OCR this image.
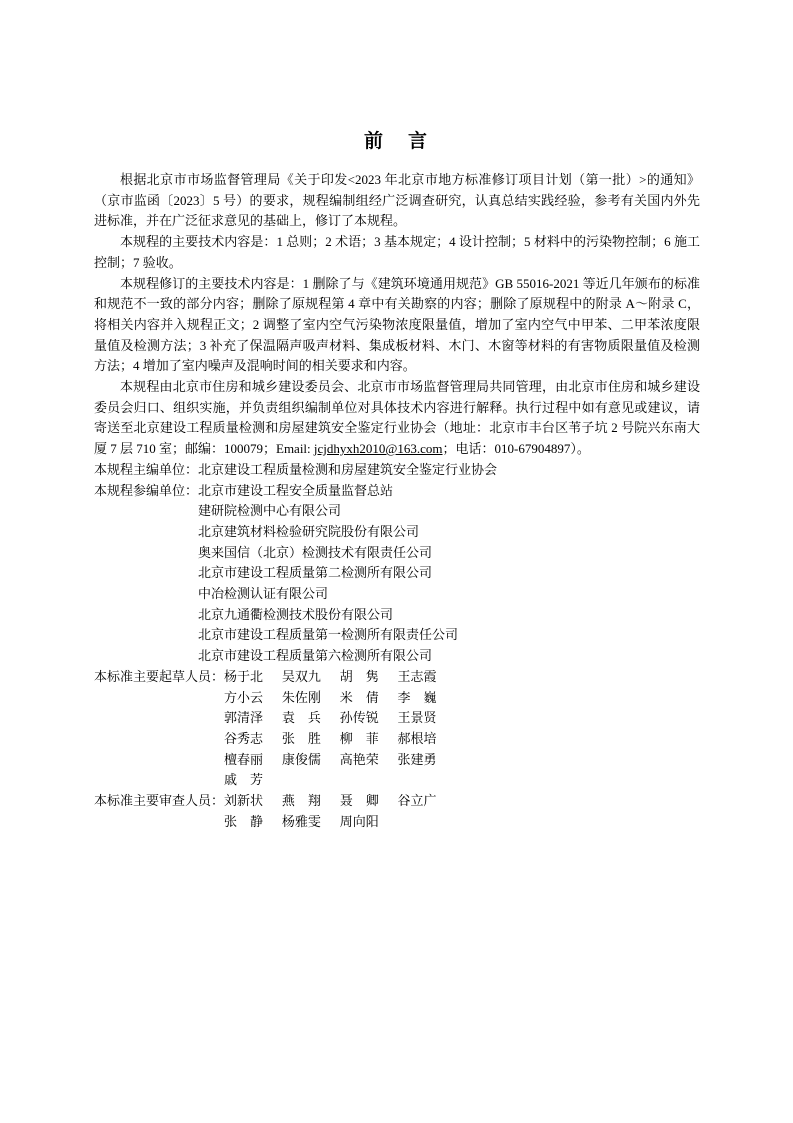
前　言

根据北京市市场监督管理局《关于印发<2023 年北京市地方标准修订项目计划（第一批）>的通知》（京市监函〔2023〕5 号）的要求，规程编制组经广泛调查研究，认真总结实践经验，参考有关国内外先进标准，并在广泛征求意见的基础上，修订了本规程。

本规程的主要技术内容是：1 总则；2 术语；3 基本规定；4 设计控制；5 材料中的污染物控制；6 施工控制；7 验收。

本规程修订的主要技术内容是：1 删除了与《建筑环境通用规范》GB 55016-2021 等近几年颁布的标准和规范不一致的部分内容；删除了原规程第 4 章中有关勘察的内容；删除了原规程中的附录 A～附录 C，将相关内容并入规程正文；2 调整了室内空气污染物浓度限量值，增加了室内空气中甲苯、二甲苯浓度限量值及检测方法；3 补充了保温隔声吸声材料、集成板材料、木门、木窗等材料的有害物质限量值及检测方法；4 增加了室内噪声及混响时间的相关要求和内容。

本规程由北京市住房和城乡建设委员会、北京市市场监督管理局共同管理，由北京市住房和城乡建设委员会归口、组织实施，并负责组织编制单位对具体技术内容进行解释。执行过程中如有意见或建议，请寄送至北京建设工程质量检测和房屋建筑安全鉴定行业协会（地址：北京市丰台区苇子坑 2 号院兴东南大厦 7 层 710 室；邮编：100079；Email: jcjdhyxh2010@163.com；电话：010-67904897）。

本规程主编单位：北京建设工程质量检测和房屋建筑安全鉴定行业协会
本规程参编单位：北京市建设工程安全质量监督总站
建研院检测中心有限公司
北京建筑材料检验研究院股份有限公司
奥来国信（北京）检测技术有限责任公司
北京市建设工程质量第二检测所有限公司
中冶检测认证有限公司
北京九通衢检测技术股份有限公司
北京市建设工程质量第一检测所有限责任公司
北京市建设工程质量第六检测所有限公司
本标准主要起草人员：杨于北 吴双九 胡　隽 王志霞
方小云 朱佐刚 米　倩 李　巍
郭清泽 袁　兵 孙传锐 王景贤
谷秀志 张　胜 柳　菲 郝根培
檀春丽 康俊儒 高艳荣 张建勇
戚　芳
本标准主要审查人员：刘新状 燕　翔 聂　卿 谷立广
张　静 杨雅雯 周向阳
